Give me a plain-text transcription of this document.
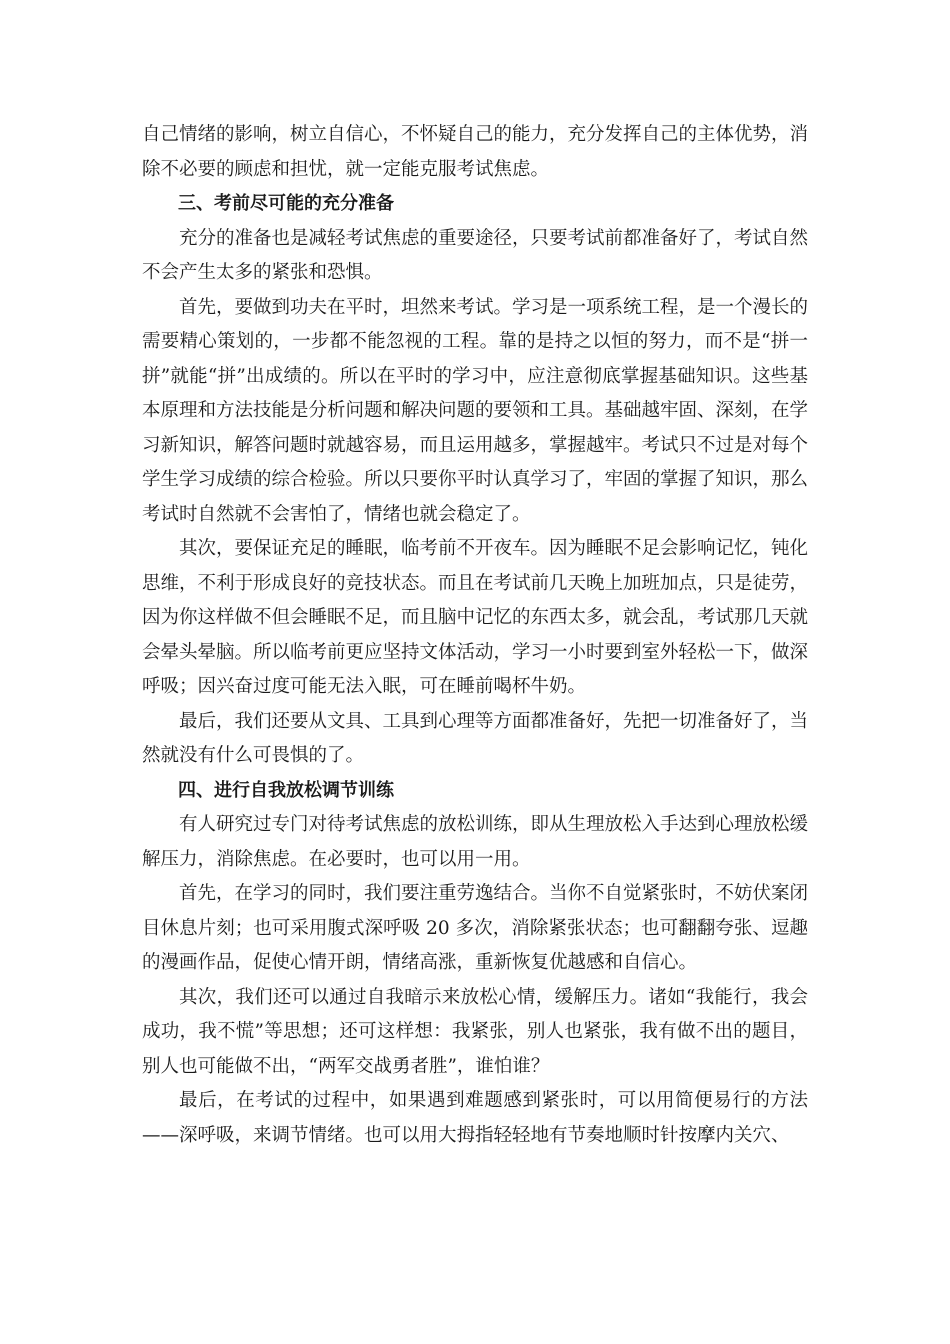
自己情绪的影响，树立自信心，不怀疑自己的能力，充分发挥自己的主体优势，消除不必要的顾虑和担忧，就一定能克服考试焦虑。

三、考前尽可能的充分准备

充分的准备也是减轻考试焦虑的重要途径，只要考试前都准备好了，考试自然不会产生太多的紧张和恐惧。

首先，要做到功夫在平时，坦然来考试。学习是一项系统工程，是一个漫长的需要精心策划的，一步都不能忽视的工程。靠的是持之以恒的努力，而不是“拼一拼”就能“拼”出成绩的。所以在平时的学习中，应注意彻底掌握基础知识。这些基本原理和方法技能是分析问题和解决问题的要领和工具。基础越牢固、深刻，在学习新知识，解答问题时就越容易，而且运用越多，掌握越牢。考试只不过是对每个学生学习成绩的综合检验。所以只要你平时认真学习了，牢固的掌握了知识，那么考试时自然就不会害怕了，情绪也就会稳定了。

其次，要保证充足的睡眠，临考前不开夜车。因为睡眠不足会影响记忆，钝化思维，不利于形成良好的竞技状态。而且在考试前几天晚上加班加点，只是徒劳，因为你这样做不但会睡眠不足，而且脑中记忆的东西太多，就会乱，考试那几天就会晕头晕脑。所以临考前更应坚持文体活动，学习一小时要到室外轻松一下，做深呼吸；因兴奋过度可能无法入眠，可在睡前喝杯牛奶。

最后，我们还要从文具、工具到心理等方面都准备好，先把一切准备好了，当然就没有什么可畏惧的了。

四、进行自我放松调节训练

有人研究过专门对待考试焦虑的放松训练，即从生理放松入手达到心理放松缓解压力，消除焦虑。在必要时，也可以用一用。

首先，在学习的同时，我们要注重劳逸结合。当你不自觉紧张时，不妨伏案闭目休息片刻；也可采用腹式深呼吸 20 多次，消除紧张状态；也可翻翻夸张、逗趣的漫画作品，促使心情开朗，情绪高涨，重新恢复优越感和自信心。

其次，我们还可以通过自我暗示来放松心情，缓解压力。诸如“我能行，我会成功，我不慌”等思想；还可这样想：我紧张，别人也紧张，我有做不出的题目，别人也可能做不出，“两军交战勇者胜”，谁怕谁？

最后，在考试的过程中，如果遇到难题感到紧张时，可以用简便易行的方法——深呼吸，来调节情绪。也可以用大拇指轻轻地有节奏地顺时针按摩内关穴、
